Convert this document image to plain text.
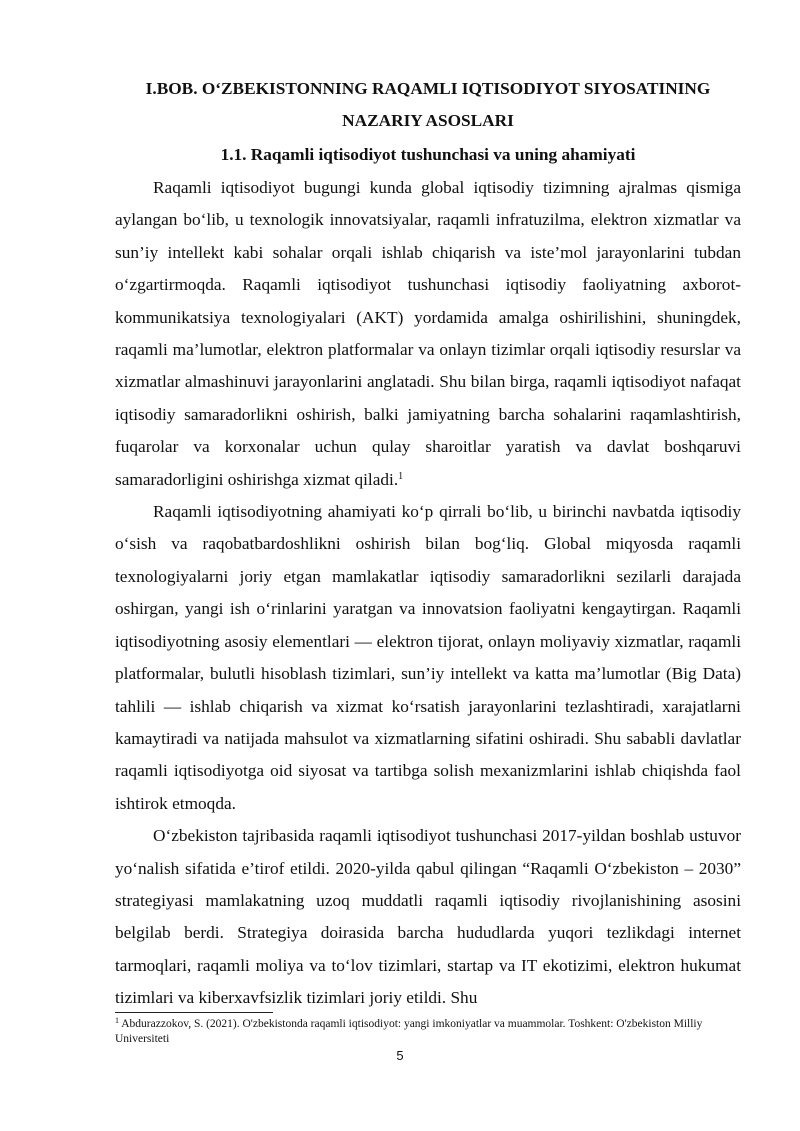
I.BOB. O‘ZBEKISTONNING RAQAMLI IQTISODIYOT SIYOSATINING NAZARIY ASOSLARI
1.1. Raqamli iqtisodiyot tushunchasi va uning ahamiyati

Raqamli iqtisodiyot bugungi kunda global iqtisodiy tizimning ajralmas qismiga aylangan bo‘lib, u texnologik innovatsiyalar, raqamli infratuzilma, elektron xizmatlar va sun’iy intellekt kabi sohalar orqali ishlab chiqarish va iste’mol jarayonlarini tubdan o‘zgartirmoqda. Raqamli iqtisodiyot tushunchasi iqtisodiy faoliyatning axborot-kommunikatsiya texnologiyalari (AKT) yordamida amalga oshirilishini, shuningdek, raqamli ma’lumotlar, elektron platformalar va onlayn tizimlar orqali iqtisodiy resurslar va xizmatlar almashinuvi jarayonlarini anglatadi. Shu bilan birga, raqamli iqtisodiyot nafaqat iqtisodiy samaradorlikni oshirish, balki jamiyatning barcha sohalarini raqamlashtirish, fuqarolar va korxonalar uchun qulay sharoitlar yaratish va davlat boshqaruvi samaradorligini oshirishga xizmat qiladi.$^1$

Raqamli iqtisodiyotning ahamiyati ko‘p qirrali bo‘lib, u birinchi navbatda iqtisodiy o‘sish va raqobatbardoshlikni oshirish bilan bog‘liq. Global miqyosda raqamli texnologiyalarni joriy etgan mamlakatlar iqtisodiy samaradorlikni sezilarli darajada oshirgan, yangi ish o‘rinlarini yaratgan va innovatsion faoliyatni kengaytirgan. Raqamli iqtisodiyotning asosiy elementlari — elektron tijorat, onlayn moliyaviy xizmatlar, raqamli platformalar, bulutli hisoblash tizimlari, sun’iy intellekt va katta ma’lumotlar (Big Data) tahlili — ishlab chiqarish va xizmat ko‘rsatish jarayonlarini tezlashtiradi, xarajatlarni kamaytiradi va natijada mahsulot va xizmatlarning sifatini oshiradi. Shu sababli davlatlar raqamli iqtisodiyotga oid siyosat va tartibga solish mexanizmlarini ishlab chiqishda faol ishtirok etmoqda.

O‘zbekiston tajribasida raqamli iqtisodiyot tushunchasi 2017-yildan boshlab ustuvor yo‘nalish sifatida e’tirof etildi. 2020-yilda qabul qilingan “Raqamli O‘zbekiston – 2030” strategiyasi mamlakatning uzoq muddatli raqamli iqtisodiy rivojlanishining asosini belgilab berdi. Strategiya doirasida barcha hududlarda yuqori tezlikdagi internet tarmoqlari, raqamli moliya va to‘lov tizimlari, startap va IT ekotizimi, elektron hukumat tizimlari va kiberxavfsizlik tizimlari joriy etildi. Shu

$^1$ Abdurazzokov, S. (2021). O'zbekistonda raqamli iqtisodiyot: yangi imkoniyatlar va muammolar. Toshkent: O'zbekiston Milliy Universiteti
5
